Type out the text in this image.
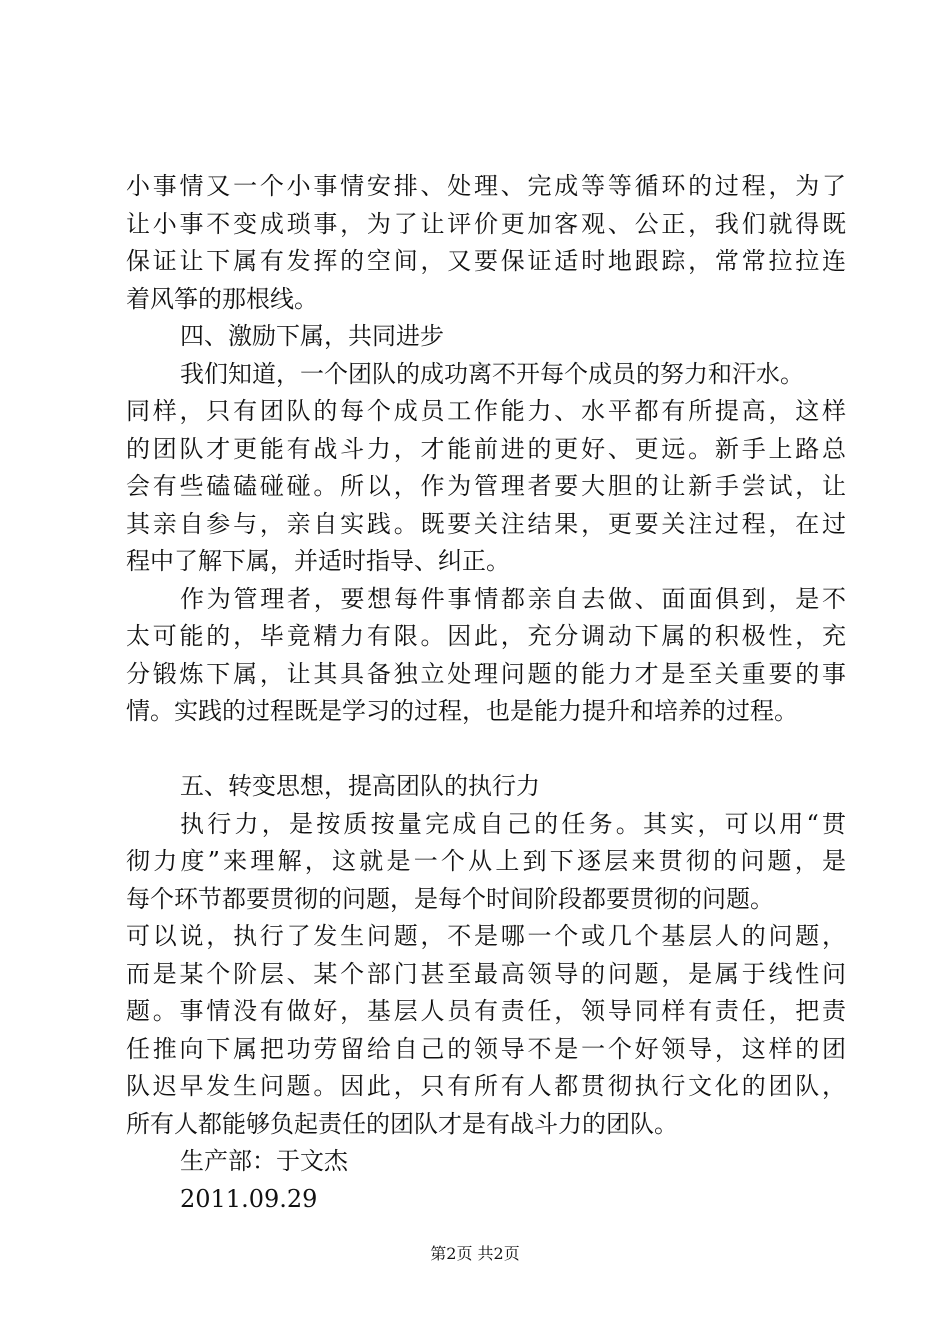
小事情又一个小事情安排、处理、完成等等循环的过程，为了
让小事不变成琐事，为了让评价更加客观、公正，我们就得既
保证让下属有发挥的空间，又要保证适时地跟踪，常常拉拉连
着风筝的那根线。
四、激励下属，共同进步
我们知道，一个团队的成功离不开每个成员的努力和汗水。
同样，只有团队的每个成员工作能力、水平都有所提高，这样
的团队才更能有战斗力，才能前进的更好、更远。新手上路总
会有些磕磕碰碰。所以，作为管理者要大胆的让新手尝试，让
其亲自参与，亲自实践。既要关注结果，更要关注过程，在过
程中了解下属，并适时指导、纠正。
作为管理者，要想每件事情都亲自去做、面面俱到，是不
太可能的，毕竟精力有限。因此，充分调动下属的积极性，充
分锻炼下属，让其具备独立处理问题的能力才是至关重要的事
情。实践的过程既是学习的过程，也是能力提升和培养的过程。
五、转变思想，提高团队的执行力
执行力，是按质按量完成自己的任务。其实，可以用“贯
彻力度”来理解，这就是一个从上到下逐层来贯彻的问题，是
每个环节都要贯彻的问题，是每个时间阶段都要贯彻的问题。
可以说，执行了发生问题，不是哪一个或几个基层人的问题，
而是某个阶层、某个部门甚至最高领导的问题，是属于线性问
题。事情没有做好，基层人员有责任，领导同样有责任，把责
任推向下属把功劳留给自己的领导不是一个好领导，这样的团
队迟早发生问题。因此，只有所有人都贯彻执行文化的团队，
所有人都能够负起责任的团队才是有战斗力的团队。
生产部：于文杰
2011.09.29
第2页 共2页
